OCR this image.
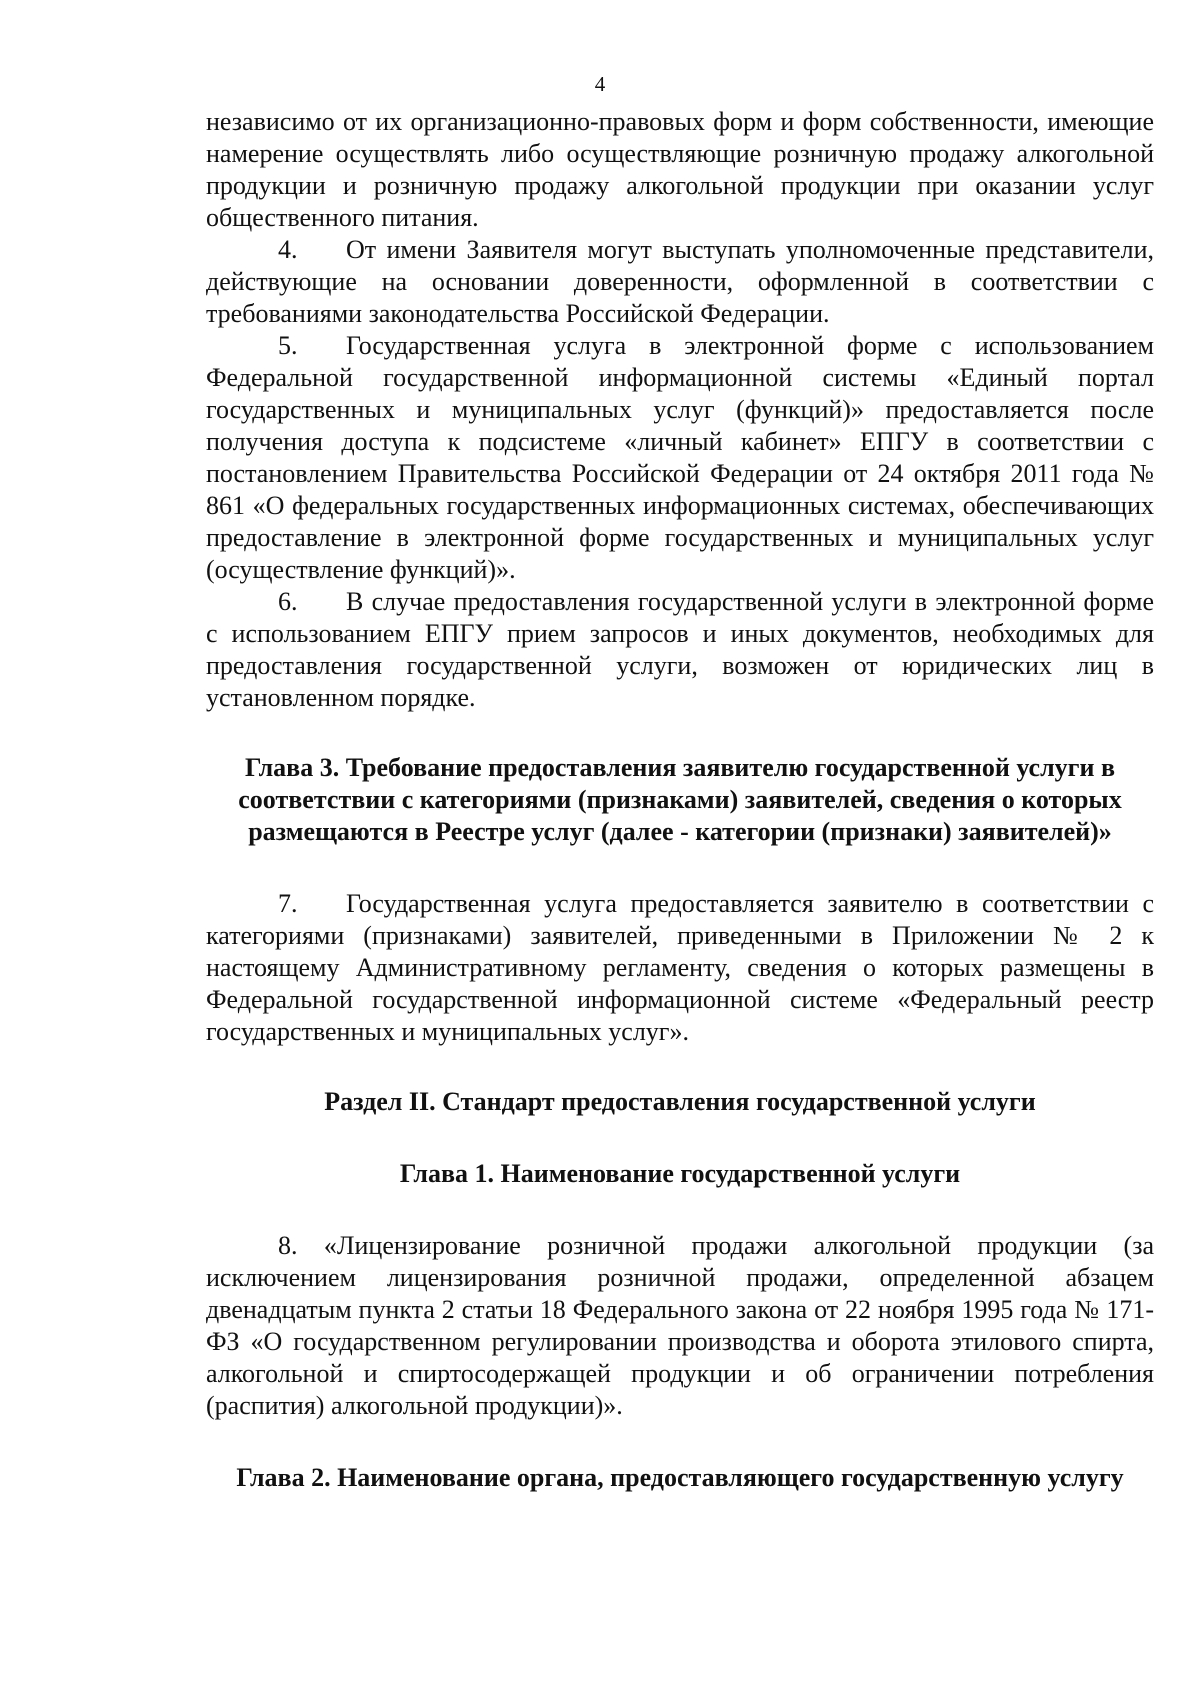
4

независимо от их организационно-правовых форм и форм собственности, имеющие намерение осуществлять либо осуществляющие розничную продажу алкогольной продукции и розничную продажу алкогольной продукции при оказании услуг общественного питания.

4. От имени Заявителя могут выступать уполномоченные представители, действующие на основании доверенности, оформленной в соответствии с требованиями законодательства Российской Федерации.

5. Государственная услуга в электронной форме с использованием Федеральной государственной информационной системы «Единый портал государственных и муниципальных услуг (функций)» предоставляется после получения доступа к подсистеме «личный кабинет» ЕПГУ в соответствии с постановлением Правительства Российской Федерации от 24 октября 2011 года № 861 «О федеральных государственных информационных системах, обеспечивающих предоставление в электронной форме государственных и муниципальных услуг (осуществление функций)».

6. В случае предоставления государственной услуги в электронной форме с использованием ЕПГУ прием запросов и иных документов, необходимых для предоставления государственной услуги, возможен от юридических лиц в установленном порядке.

Глава 3. Требование предоставления заявителю государственной услуги в соответствии с категориями (признаками) заявителей, сведения о которых размещаются в Реестре услуг (далее - категории (признаки) заявителей)»

7. Государственная услуга предоставляется заявителю в соответствии с категориями (признаками) заявителей, приведенными в Приложении № 2 к настоящему Административному регламенту, сведения о которых размещены в Федеральной государственной информационной системе «Федеральный реестр государственных и муниципальных услуг».

Раздел II. Стандарт предоставления государственной услуги
Глава 1. Наименование государственной услуги

8. «Лицензирование розничной продажи алкогольной продукции (за исключением лицензирования розничной продажи, определенной абзацем двенадцатым пункта 2 статьи 18 Федерального закона от 22 ноября 1995 года № 171-ФЗ «О государственном регулировании производства и оборота этилового спирта, алкогольной и спиртосодержащей продукции и об ограничении потребления (распития) алкогольной продукции)».

Глава 2. Наименование органа, предоставляющего государственную услугу
